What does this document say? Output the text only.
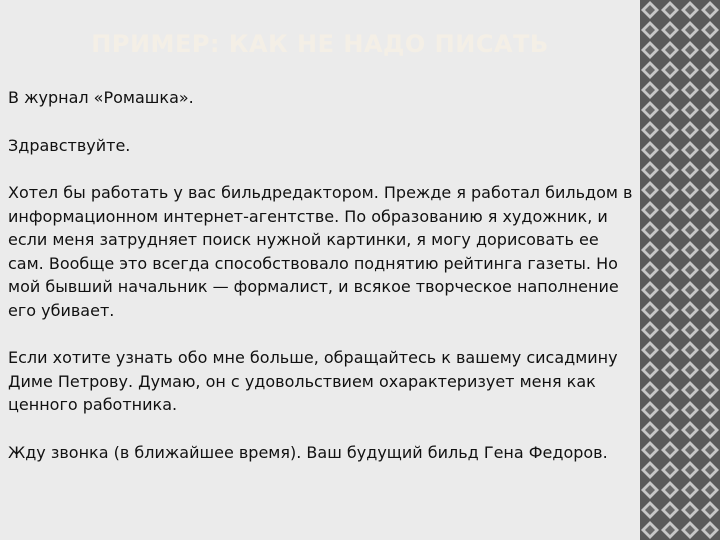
ПРИМЕР: КАК НЕ НАДО ПИСАТЬ

В журнал «Ромашка».

Здравствуйте.

Хотел бы работать у вас бильдредактором. Прежде я работал бильдом в информационном интернет-агентстве. По образованию я художник, и если меня затрудняет поиск нужной картинки, я могу дорисовать ее сам. Вообще это всегда способствовало поднятию рейтинга газеты. Но мой бывший начальник — формалист, и всякое творческое наполнение его убивает.

Если хотите узнать обо мне больше, обращайтесь к вашему сисадмину Диме Петрову. Думаю, он с удовольствием охарактеризует меня как ценного работника.

Жду звонка (в ближайшее время). Ваш будущий бильд Гена Федоров.
